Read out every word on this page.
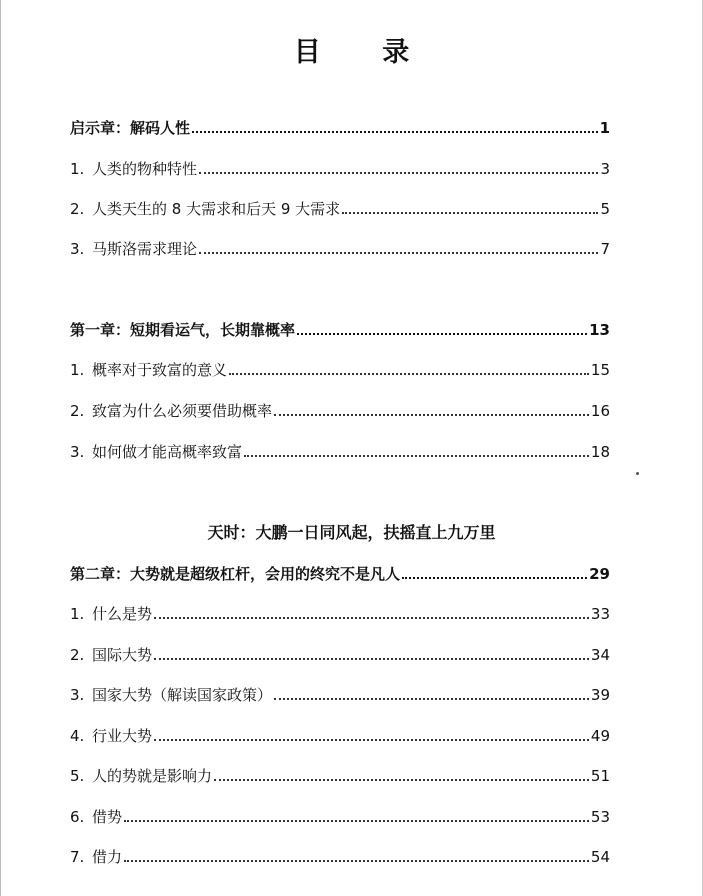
目 录
启示章：解码人性	1
1. 人类的物种特性	3
2. 人类天生的 8 大需求和后天 9 大需求	5
3. 马斯洛需求理论	7
第一章：短期看运气，长期靠概率	13
1. 概率对于致富的意义	15
2. 致富为什么必须要借助概率	16
3. 如何做才能高概率致富	18
天时：大鹏一日同风起，扶摇直上九万里
第二章：大势就是超级杠杆，会用的终究不是凡人	29
1. 什么是势	33
2. 国际大势	34
3. 国家大势（解读国家政策）	39
4. 行业大势	49
5. 人的势就是影响力	51
6. 借势	53
7. 借力	54
